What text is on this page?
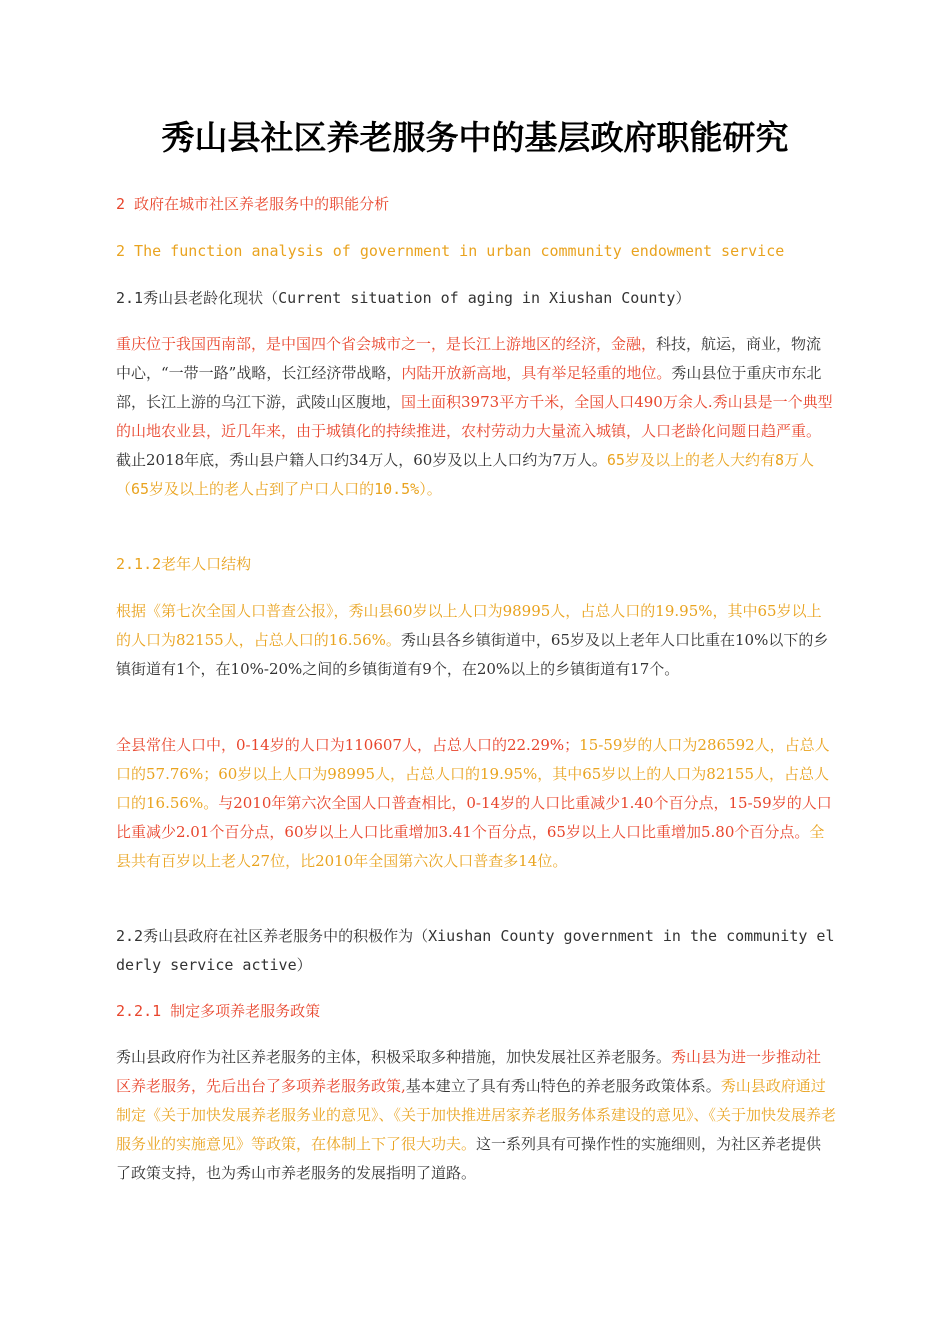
秀山县社区养老服务中的基层政府职能研究
2 政府在城市社区养老服务中的职能分析
2 The function analysis of government in urban community endowment service
2.1秀山县老龄化现状（Current situation of aging in Xiushan County）
重庆位于我国西南部，是中国四个省会城市之一，是长江上游地区的经济，金融，科技，航运，商业，物流中心，“一带一路”战略，长江经济带战略，内陆开放新高地，具有举足轻重的地位。秀山县位于重庆市东北部，长江上游的乌江下游，武陵山区腹地，国土面积3973平方千米，全国人口490万余人.秀山县是一个典型的山地农业县，近几年来，由于城镇化的持续推进，农村劳动力大量流入城镇，人口老龄化问题日趋严重。截止2018年底，秀山县户籍人口约34万人，60岁及以上人口约为7万人。65岁及以上的老人大约有8万人（65岁及以上的老人占到了户口人口的10.5%）。
2.1.2老年人口结构
根据《第七次全国人口普查公报》，秀山县60岁以上人口为98995人，占总人口的19.95%，其中65岁以上的人口为82155人，占总人口的16.56%。秀山县各乡镇街道中，65岁及以上老年人口比重在10%以下的乡镇街道有1个，在10%-20%之间的乡镇街道有9个，在20%以上的乡镇街道有17个。
全县常住人口中，0-14岁的人口为110607人，占总人口的22.29%；15-59岁的人口为286592人，占总人口的57.76%；60岁以上人口为98995人，占总人口的19.95%，其中65岁以上的人口为82155人，占总人口的16.56%。与2010年第六次全国人口普查相比，0-14岁的人口比重减少1.40个百分点，15-59岁的人口比重减少2.01个百分点，60岁以上人口比重增加3.41个百分点，65岁以上人口比重增加5.80个百分点。全县共有百岁以上老人27位，比2010年全国第六次人口普查多14位。
2.2秀山县政府在社区养老服务中的积极作为（Xiushan County government in the community elderly service active）
2.2.1 制定多项养老服务政策
秀山县政府作为社区养老服务的主体，积极采取多种措施，加快发展社区养老服务。秀山县为进一步推动社区养老服务，先后出台了多项养老服务政策,基本建立了具有秀山特色的养老服务政策体系。秀山县政府通过制定《关于加快发展养老服务业的意见》、《关于加快推进居家养老服务体系建设的意见》、《关于加快发展养老服务业的实施意见》等政策，在体制上下了很大功夫。这一系列具有可操作性的实施细则，为社区养老提供了政策支持，也为秀山市养老服务的发展指明了道路。
